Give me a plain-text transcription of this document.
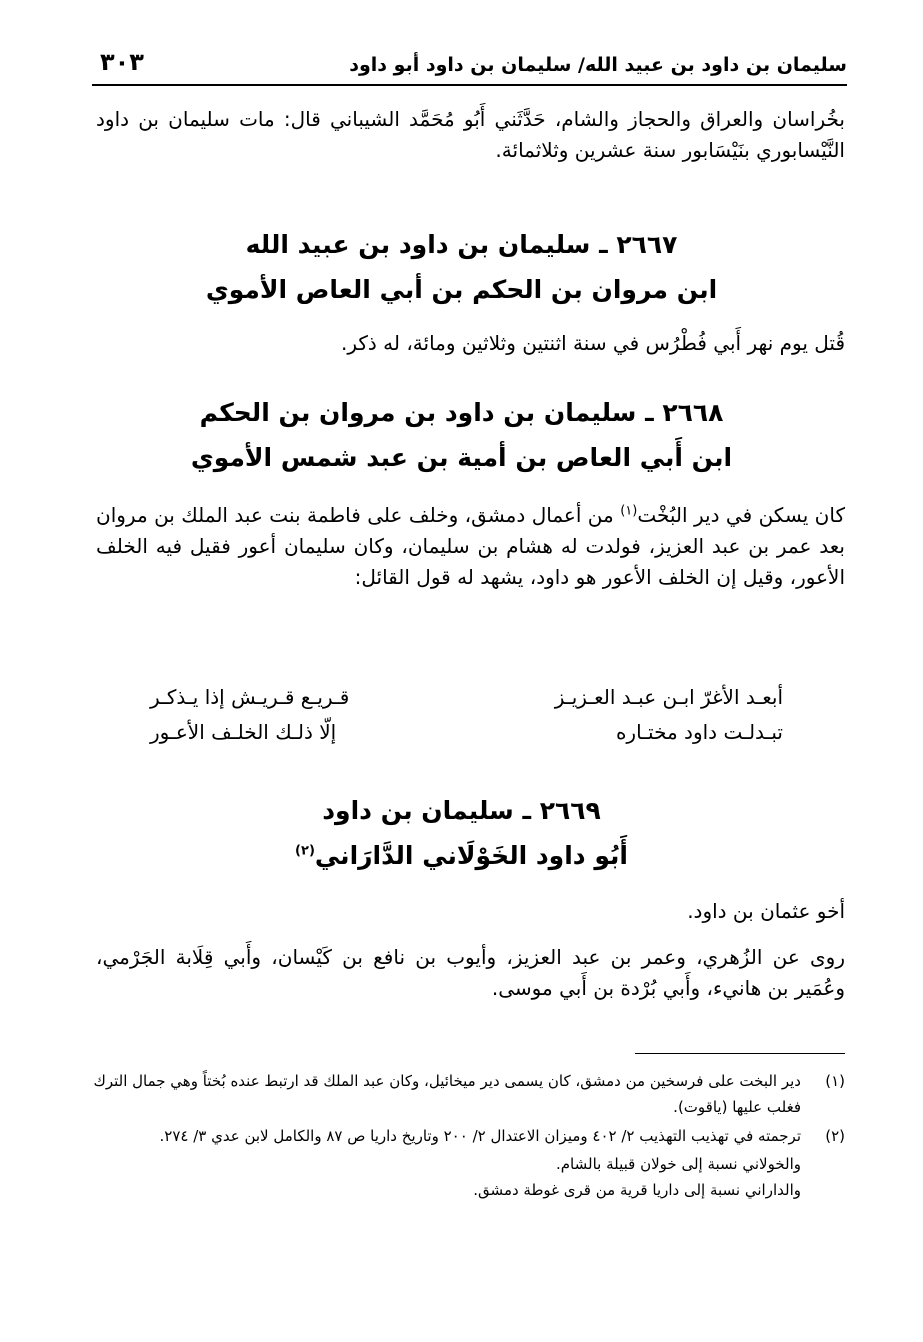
سليمان بن داود بن عبيد الله/ سليمان بن داود أبو داود
٣٠٣
بخُراسان والعراق والحجاز والشام، حَدَّثَني أَبُو مُحَمَّد الشيباني قال: مات سليمان بن داود النَّيْسابوري بنَيْسَابور سنة عشرين وثلاثمائة.
٢٦٦٧ ـ سليمان بن داود بن عبيد الله
ابن مروان بن الحكم بن أبي العاص الأموي
قُتل يوم نهر أَبي فُطْرُس في سنة اثنتين وثلاثين ومائة، له ذكر.
٢٦٦٨ ـ سليمان بن داود بن مروان بن الحكم
ابن أَبي العاص بن أمية بن عبد شمس الأموي
كان يسكن في دير البُخْت$^{(١)}$ من أعمال دمشق، وخلف على فاطمة بنت عبد الملك بن مروان بعد عمر بن عبد العزيز، فولدت له هشام بن سليمان، وكان سليمان أعور فقيل فيه الخلف الأعور، وقيل إن الخلف الأعور هو داود، يشهد له قول القائل:
أبعـد الأغرّ ابـن عبـد العـزيـز
قـريـع قـريـش إذا يـذكـر
تبـدلـت داود مختـاره
إلّا ذلـك الخلـف الأعـور
٢٦٦٩ ـ سليمان بن داود
أَبُو داود الخَوْلَاني الدَّارَاني$^{(٢)}$
أخو عثمان بن داود.
روى عن الزُهري، وعمر بن عبد العزيز، وأيوب بن نافع بن كَيْسان، وأَبي قِلَابة الجَرْمي، وعُمَير بن هانيء، وأَبي بُرْدة بن أَبي موسى.
(١)
دير البخت على فرسخين من دمشق، كان يسمى دير ميخائيل، وكان عبد الملك قد ارتبط عنده بُختاً وهي جمال الترك فغلب عليها (ياقوت).
(٢)
ترجمته في تهذيب التهذيب ٢/ ٤٠٢ وميزان الاعتدال ٢/ ٢٠٠ وتاريخ داريا ص ٨٧ والكامل لابن عدي ٣/ ٢٧٤.
والخولاني نسبة إلى خولان قبيلة بالشام.
والداراني نسبة إلى داريا قرية من قرى غوطة دمشق.
